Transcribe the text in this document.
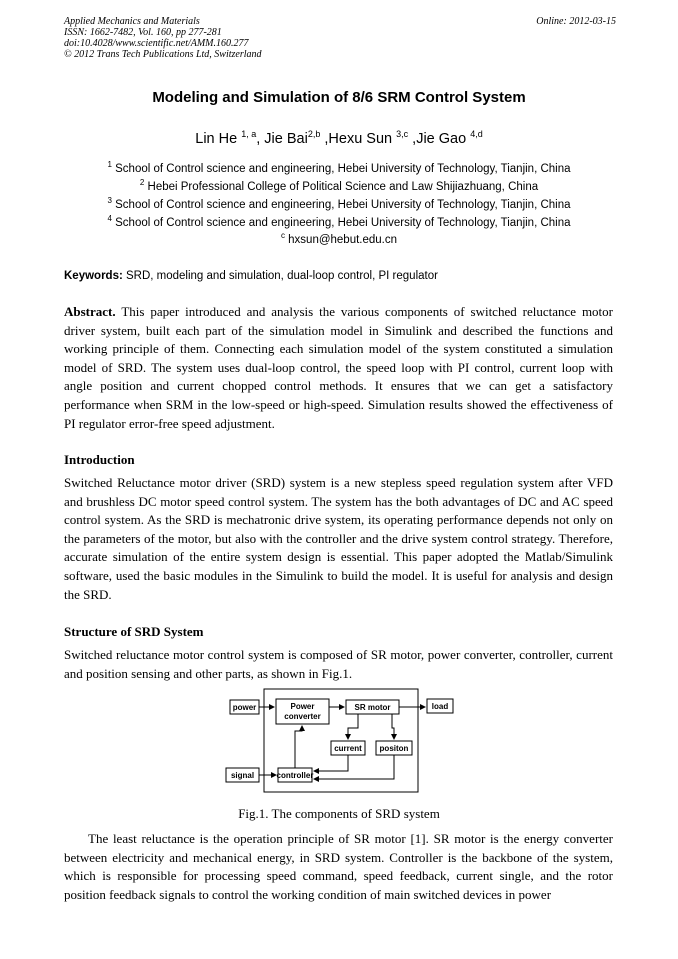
Applied Mechanics and Materials
ISSN: 1662-7482, Vol. 160, pp 277-281
doi:10.4028/www.scientific.net/AMM.160.277
© 2012 Trans Tech Publications Ltd, Switzerland
Online: 2012-03-15
Modeling and Simulation of 8/6 SRM Control System
Lin He $^{1, a}$, Jie Bai$^{2,b}$ ,Hexu Sun $^{3,c}$ ,Jie Gao $^{4,d}$
$^1$ School of Control science and engineering, Hebei University of Technology, Tianjin, China
$^2$ Hebei Professional College of Political Science and Law Shijiazhuang, China
$^3$ School of Control science and engineering, Hebei University of Technology, Tianjin, China
$^4$ School of Control science and engineering, Hebei University of Technology, Tianjin, China
$^c$ hxsun@hebut.edu.cn
Keywords: SRD, modeling and simulation, dual-loop control, PI regulator
Abstract. This paper introduced and analysis the various components of switched reluctance motor driver system, built each part of the simulation model in Simulink and described the functions and working principle of them. Connecting each simulation model of the system constituted a simulation model of SRD. The system uses dual-loop control, the speed loop with PI control, current loop with angle position and current chopped control methods. It ensures that we can get a satisfactory performance when SRM in the low-speed or high-speed. Simulation results showed the effectiveness of PI regulator error-free speed adjustment.
Introduction
Switched Reluctance motor driver (SRD) system is a new stepless speed regulation system after VFD and brushless DC motor speed control system. The system has the both advantages of DC and AC speed control system. As the SRD is mechatronic drive system, its operating performance depends not only on the parameters of the motor, but also with the controller and the drive system control strategy. Therefore, accurate simulation of the entire system design is essential. This paper adopted the Matlab/Simulink software, used the basic modules in the Simulink to build the model. It is useful for analysis and design the SRD.
Structure of SRD System
Switched reluctance motor control system is composed of SR motor, power converter, controller, current and position sensing and other parts, as shown in Fig.1.
power	Power
converter
SR motor	load
current positon
signal	controller
Fig.1. The components of SRD system
The least reluctance is the operation principle of SR motor [1]. SR motor is the energy converter between electricity and mechanical energy, in SRD system. Controller is the backbone of the system, which is responsible for processing speed command, speed feedback, current single, and the rotor position feedback signals to control the working condition of main switched devices in power
